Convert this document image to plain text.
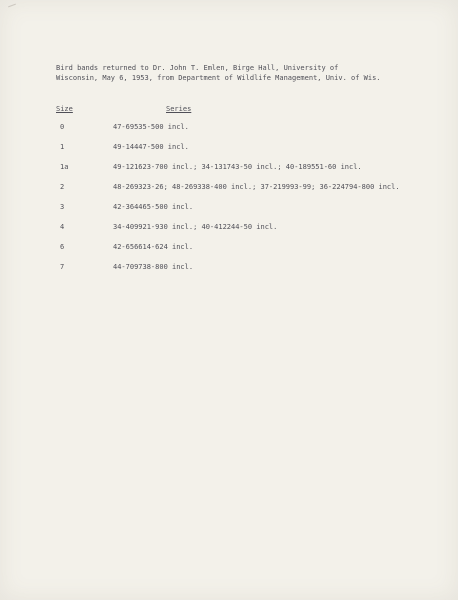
Bird bands returned to Dr. John T. Emlen, Birge Hall, University of
Wisconsin, May 6, 1953, from Department of Wildlife Management, Univ. of Wis.
Size	Series
0	47-69535-500 incl.
1	49-14447-500 incl.
1a	49-121623-700 incl.; 34-131743-50 incl.; 40-189551-60 incl.
2	48-269323-26; 48-269338-400 incl.; 37-219993-99; 36-224794-800 incl.
3	42-364465-500 incl.
4	34-409921-930 incl.; 40-412244-50 incl.
6	42-656614-624 incl.
7	44-709738-800 incl.
